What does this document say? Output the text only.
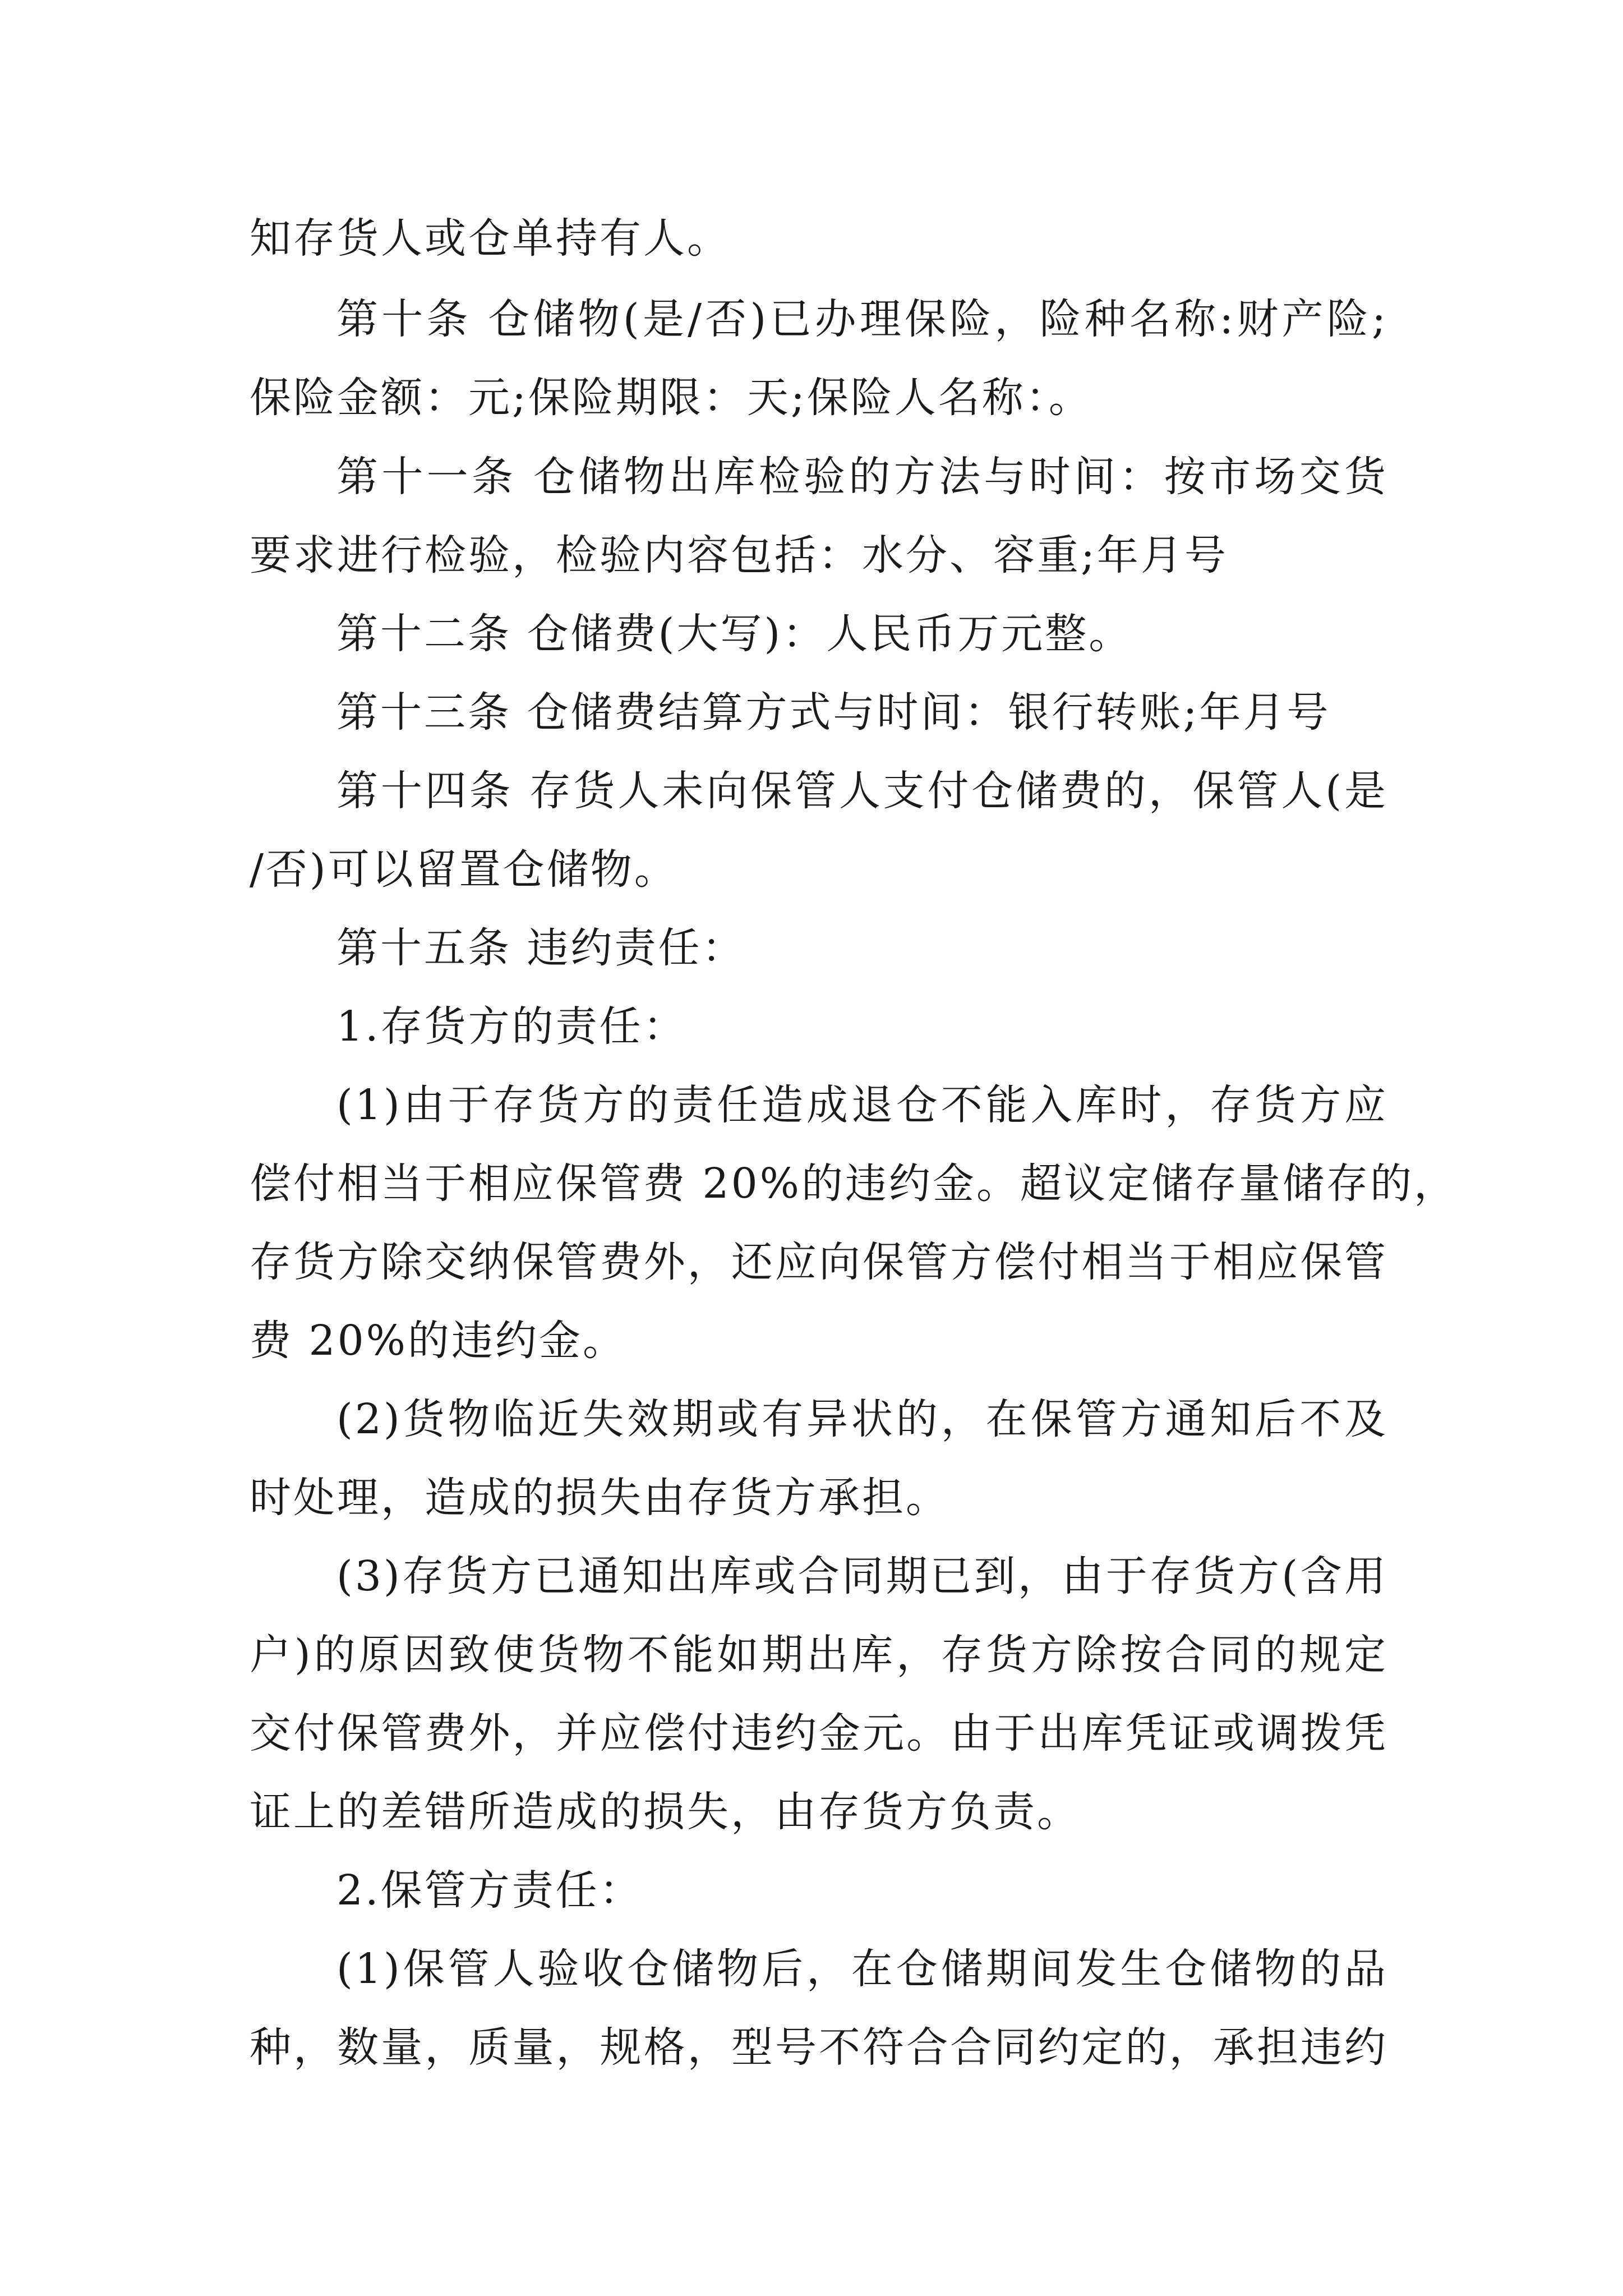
知存货人或仓单持有人。
第十条 仓储物(是/否)已办理保险，险种名称:财产险;
保险金额：元;保险期限：天;保险人名称：。
第十一条 仓储物出库检验的方法与时间：按市场交货
要求进行检验，检验内容包括：水分、容重;年月号
第十二条 仓储费(大写)：人民币万元整。
第十三条 仓储费结算方式与时间：银行转账;年月号
第十四条 存货人未向保管人支付仓储费的，保管人(是
/否)可以留置仓储物。
第十五条 违约责任：
1.存货方的责任：
(1)由于存货方的责任造成退仓不能入库时，存货方应
偿付相当于相应保管费 20%的违约金。超议定储存量储存的，
存货方除交纳保管费外，还应向保管方偿付相当于相应保管
费 20%的违约金。
(2)货物临近失效期或有异状的，在保管方通知后不及
时处理，造成的损失由存货方承担。
(3)存货方已通知出库或合同期已到，由于存货方(含用
户)的原因致使货物不能如期出库，存货方除按合同的规定
交付保管费外，并应偿付违约金元。由于出库凭证或调拨凭
证上的差错所造成的损失，由存货方负责。
2.保管方责任：
(1)保管人验收仓储物后，在仓储期间发生仓储物的品
种，数量，质量，规格，型号不符合合同约定的，承担违约
